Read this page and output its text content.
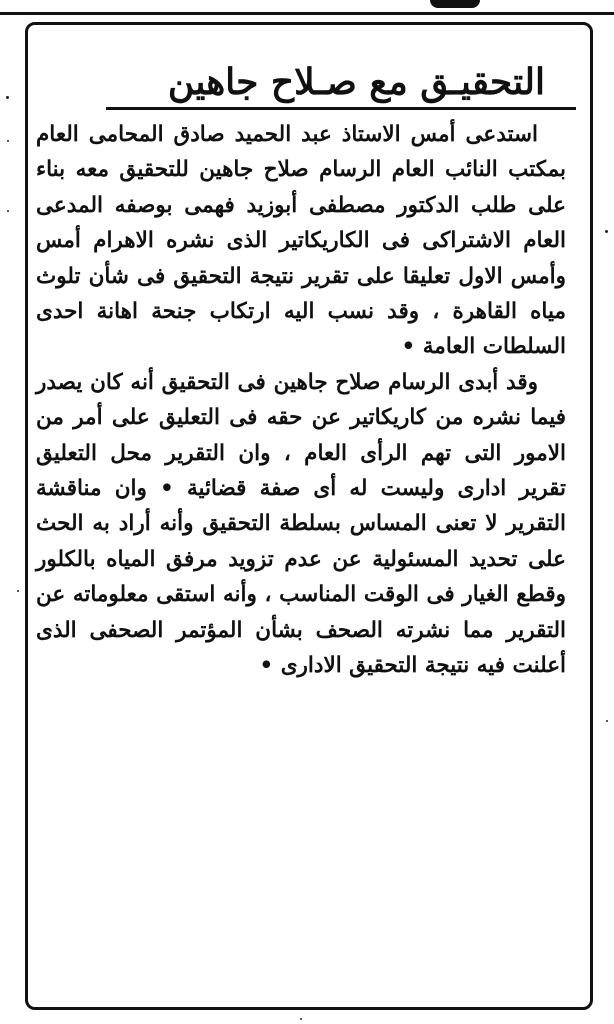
التحقيـق مع صـلاح جاهين

استدعى أمس الاستاذ عبد الحميد صادق المحامى العام بمكتب النائب العام الرسام صلاح جاهين للتحقيق معه بناء على طلب الدكتور مصطفى أبوزيد فهمى بوصفه المدعى العام الاشتراكى فى الكاريكاتير الذى نشره الاهرام أمس وأمس الاول تعليقا على تقرير نتيجة التحقيق فى شأن تلوث مياه القاهرة ، وقد نسب اليه ارتكاب جنحة اهانة احدى السلطات العامة •

وقد أبدى الرسام صلاح جاهين فى التحقيق أنه كان يصدر فيما نشره من كاريكاتير عن حقه فى التعليق على أمر من الامور التى تهم الرأى العام ، وان التقرير محل التعليق تقرير ادارى وليست له أى صفة قضائية • وان مناقشة التقرير لا تعنى المساس بسلطة التحقيق وأنه أراد به الحث على تحديد المسئولية عن عدم تزويد مرفق المياه بالكلور وقطع الغيار فى الوقت المناسب ، وأنه استقى معلوماته عن التقرير مما نشرته الصحف بشأن المؤتمر الصحفى الذى أعلنت فيه نتيجة التحقيق الادارى •
